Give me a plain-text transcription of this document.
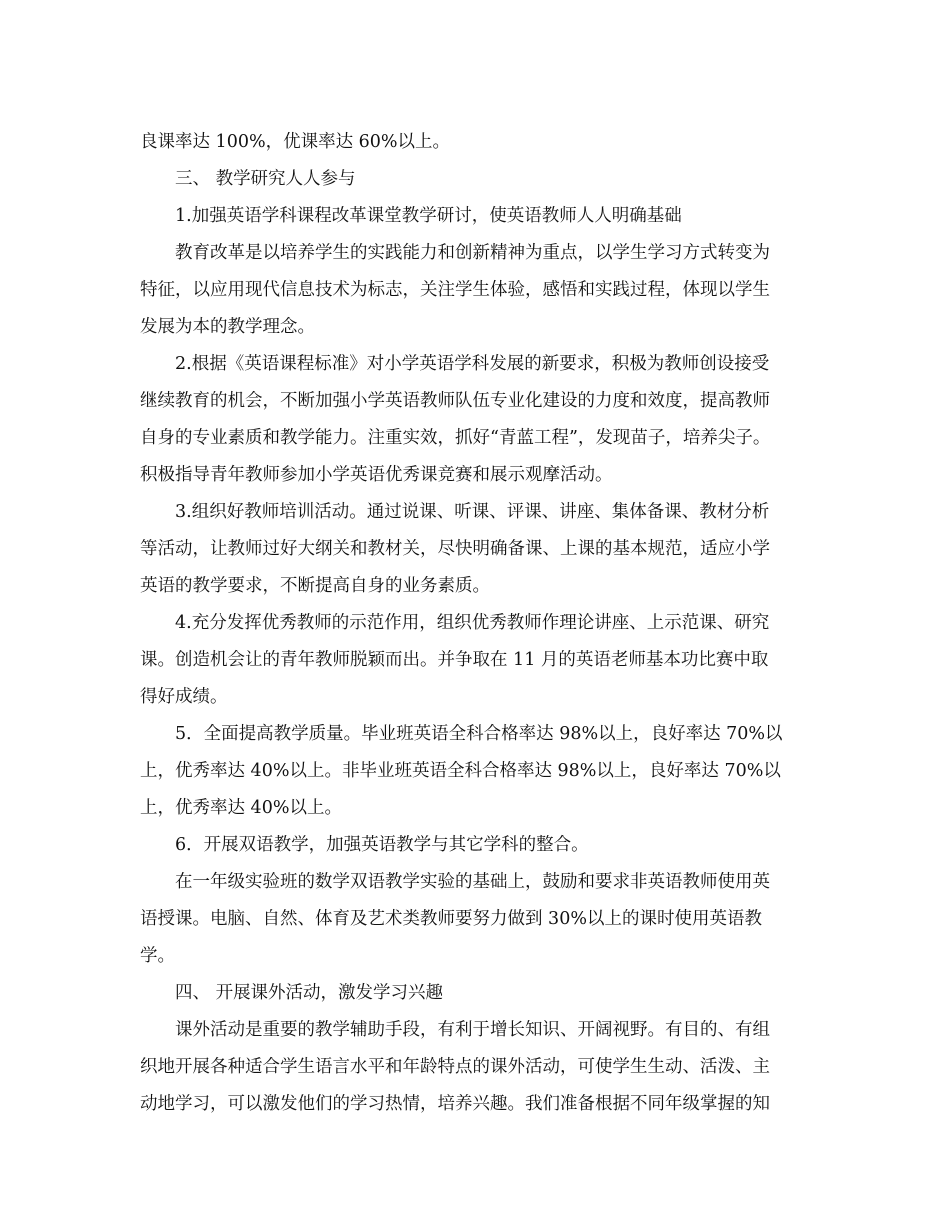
良课率达 100%，优课率达 60%以上。
三、 教学研究人人参与
1.加强英语学科课程改革课堂教学研讨，使英语教师人人明确基础
教育改革是以培养学生的实践能力和创新精神为重点，以学生学习方式转变为
特征，以应用现代信息技术为标志，关注学生体验，感悟和实践过程，体现以学生
发展为本的教学理念。
2.根据《英语课程标准》对小学英语学科发展的新要求，积极为教师创设接受
继续教育的机会，不断加强小学英语教师队伍专业化建设的力度和效度，提高教师
自身的专业素质和教学能力。注重实效，抓好“青蓝工程”，发现苗子，培养尖子。
积极指导青年教师参加小学英语优秀课竞赛和展示观摩活动。
3.组织好教师培训活动。通过说课、听课、评课、讲座、集体备课、教材分析
等活动，让教师过好大纲关和教材关，尽快明确备课、上课的基本规范，适应小学
英语的教学要求，不断提高自身的业务素质。
4.充分发挥优秀教师的示范作用，组织优秀教师作理论讲座、上示范课、研究
课。创造机会让的青年教师脱颖而出。并争取在 11 月的英语老师基本功比赛中取
得好成绩。
5．全面提高教学质量。毕业班英语全科合格率达 98%以上，良好率达 70%以
上，优秀率达 40%以上。非毕业班英语全科合格率达 98%以上，良好率达 70%以
上，优秀率达 40%以上。
6．开展双语教学，加强英语教学与其它学科的整合。
在一年级实验班的数学双语教学实验的基础上，鼓励和要求非英语教师使用英
语授课。电脑、自然、体育及艺术类教师要努力做到 30%以上的课时使用英语教
学。
四、 开展课外活动，激发学习兴趣
课外活动是重要的教学辅助手段，有利于增长知识、开阔视野。有目的、有组
织地开展各种适合学生语言水平和年龄特点的课外活动，可使学生生动、活泼、主
动地学习，可以激发他们的学习热情，培养兴趣。我们准备根据不同年级掌握的知
